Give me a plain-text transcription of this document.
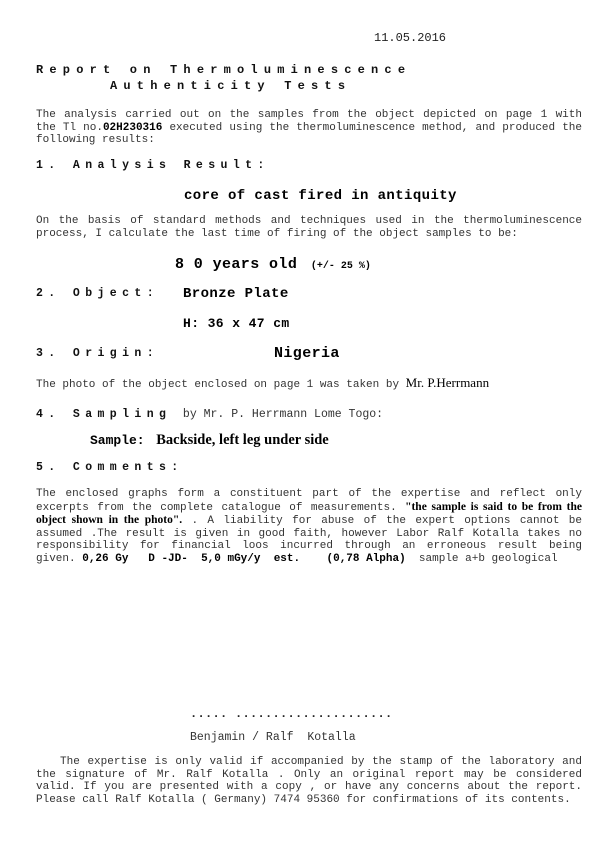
11.05.2016
Report on Thermoluminescence
Authenticity Tests
The analysis carried out on the samples from the object depicted on page 1 with the Tl no.02H230316 executed using the thermoluminescence method, and produced the following results:
1. Analysis Result:
core of cast fired in antiquity
On the basis of standard methods and techniques used in the thermoluminescence process, I calculate the last time of firing of the object samples to be:
8 0 years old (+/- 25 %)
2. Object: Bronze Plate
H: 36 x 47 cm
3. Origin:	Nigeria
The photo of the object enclosed on page 1 was taken by Mr. P.Herrmann
4. Sampling by Mr. P. Herrmann Lome Togo:
Sample: Backside, left leg under side
5. Comments:
The enclosed graphs form a constituent part of the expertise and reflect only excerpts from the complete catalogue of measurements. "the sample is said to be from the object shown in the photo". . A liability for abuse of the expert options cannot be assumed .The result is given in good faith, however Labor Ralf Kotalla takes no responsibility for financial loos incurred through an erroneous result being given. 0,26 Gy D -JD- 5,0 mGy/y est. (0,78 Alpha) sample a+b geological
..... .....................
Benjamin / Ralf  Kotalla
The expertise is only valid if accompanied by the stamp of the laboratory and the signature of Mr. Ralf Kotalla . Only an original report may be considered valid. If you are presented with a copy , or have any concerns about the report. Please call Ralf Kotalla ( Germany) 7474 95360 for confirmations of its contents.
